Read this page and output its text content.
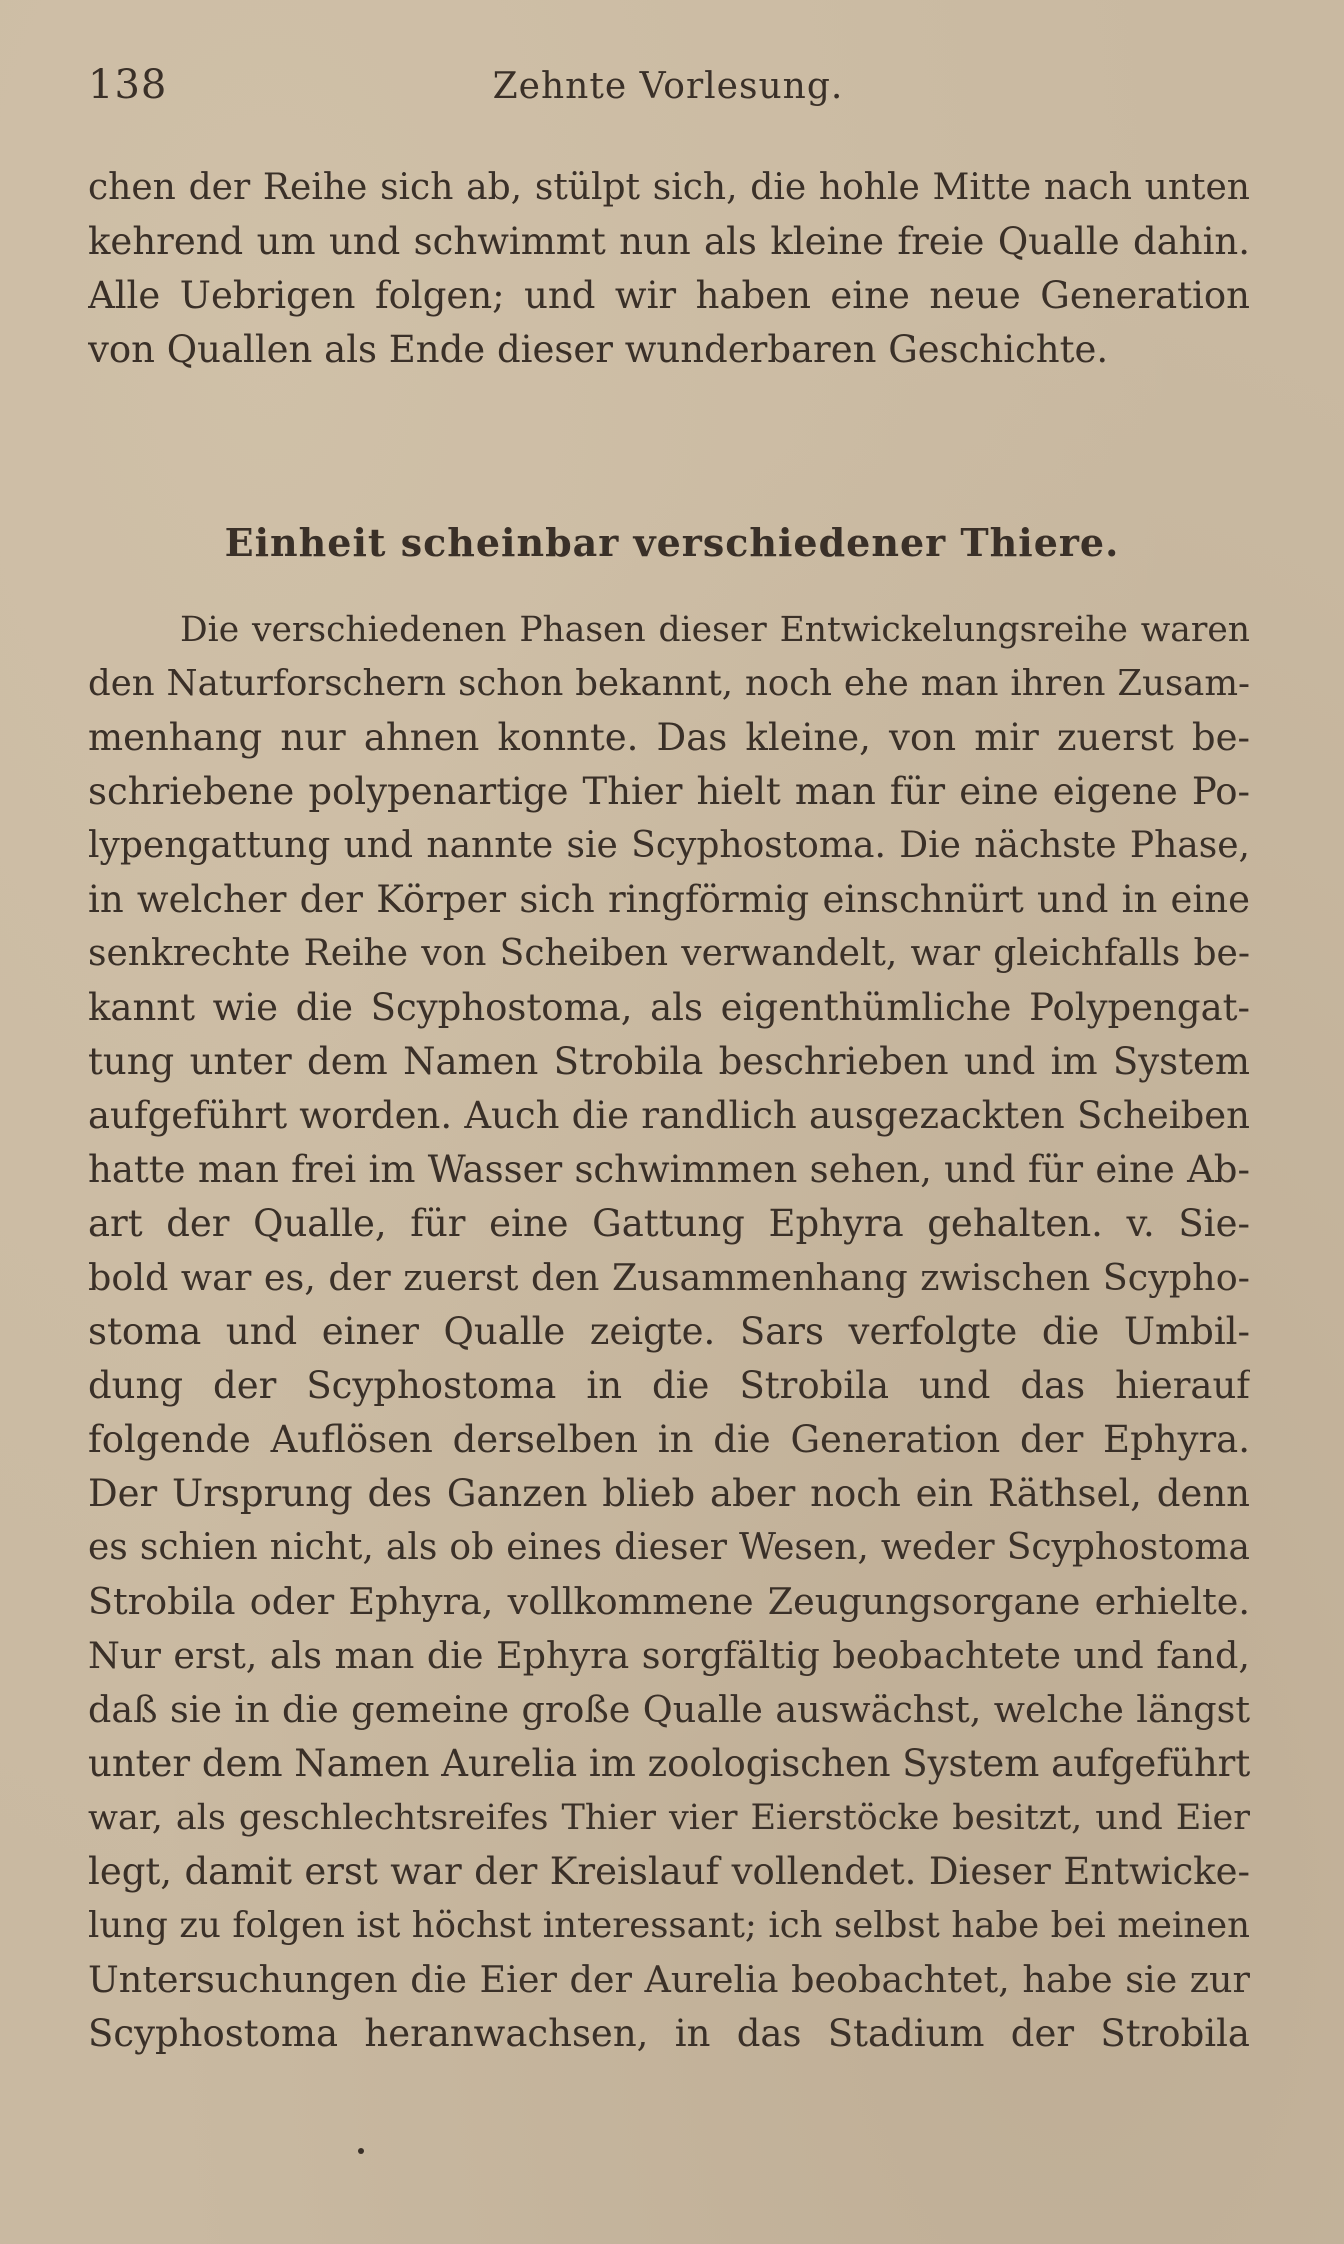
138	Zehnte Vorlesung.
chen der Reihe sich ab, stülpt sich, die hohle Mitte nach unten
kehrend um und schwimmt nun als kleine freie Qualle dahin.
Alle Uebrigen folgen; und wir haben eine neue Generation
von Quallen als Ende dieser wunderbaren Geschichte.
Einheit scheinbar verschiedener Thiere.
Die verschiedenen Phasen dieser Entwickelungsreihe waren
den Naturforschern schon bekannt, noch ehe man ihren Zusam-
menhang nur ahnen konnte. Das kleine, von mir zuerst be-
schriebene polypenartige Thier hielt man für eine eigene Po-
lypengattung und nannte sie Scyphostoma. Die nächste Phase,
in welcher der Körper sich ringförmig einschnürt und in eine
senkrechte Reihe von Scheiben verwandelt, war gleichfalls be-
kannt wie die Scyphostoma, als eigenthümliche Polypengat-
tung unter dem Namen Strobila beschrieben und im System
aufgeführt worden. Auch die randlich ausgezackten Scheiben
hatte man frei im Wasser schwimmen sehen, und für eine Ab-
art der Qualle, für eine Gattung Ephyra gehalten. v. Sie-
bold war es, der zuerst den Zusammenhang zwischen Scypho-
stoma und einer Qualle zeigte. Sars verfolgte die Umbil-
dung der Scyphostoma in die Strobila und das hierauf
folgende Auflösen derselben in die Generation der Ephyra.
Der Ursprung des Ganzen blieb aber noch ein Räthsel, denn
es schien nicht, als ob eines dieser Wesen, weder Scyphostoma
Strobila oder Ephyra, vollkommene Zeugungsorgane erhielte.
Nur erst, als man die Ephyra sorgfältig beobachtete und fand,
daß sie in die gemeine große Qualle auswächst, welche längst
unter dem Namen Aurelia im zoologischen System aufgeführt
war, als geschlechtsreifes Thier vier Eierstöcke besitzt, und Eier
legt, damit erst war der Kreislauf vollendet. Dieser Entwicke-
lung zu folgen ist höchst interessant; ich selbst habe bei meinen
Untersuchungen die Eier der Aurelia beobachtet, habe sie zur
Scyphostoma heranwachsen, in das Stadium der Strobila
